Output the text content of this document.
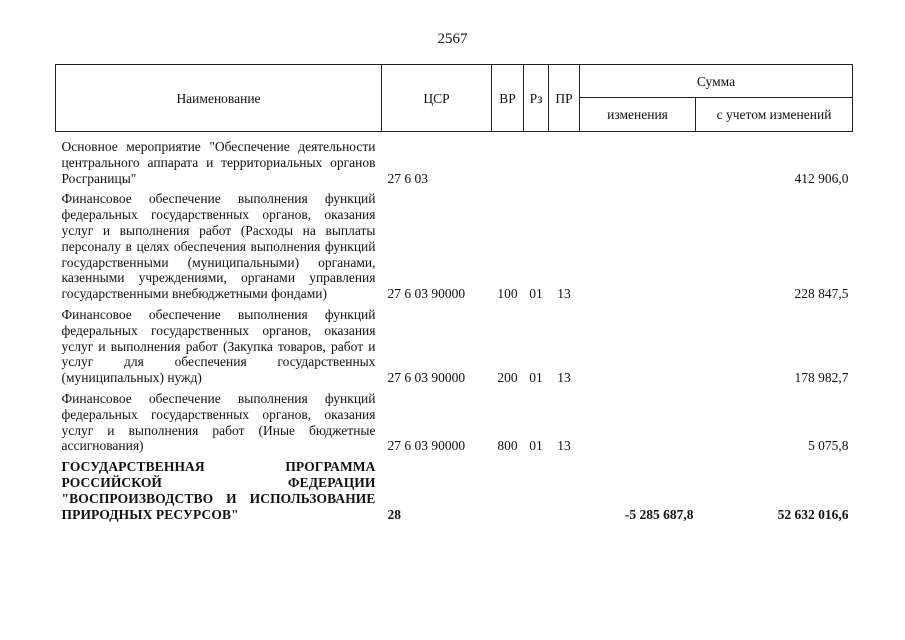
2567
Наименование	ЦСР	ВР	Рз	ПР	Сумма	
					изменения	с учетом изменений

Основное мероприятие "Обеспечение деятельности центрального аппарата и территориальных органов Росграницы"	27 6 03					412 906,0

Финансовое обеспечение выполнения функций федеральных государственных органов, оказания услуг и выполнения работ (Расходы на выплаты персоналу в целях обеспечения выполнения функций государственными (муниципальными) органами, казенными учреждениями, органами управления государственными внебюджетными фондами)	27 6 03 90000	100	01	13		228 847,5

Финансовое обеспечение выполнения функций федеральных государственных органов, оказания услуг и выполнения работ (Закупка товаров, работ и услуг для обеспечения государственных (муниципальных) нужд)	27 6 03 90000	200	01	13		178 982,7

Финансовое обеспечение выполнения функций федеральных государственных органов, оказания услуг и выполнения работ (Иные бюджетные ассигнования)	27 6 03 90000	800	01	13		5 075,8

ГОСУДАРСТВЕННАЯ ПРОГРАММА РОССИЙСКОЙ ФЕДЕРАЦИИ "ВОСПРОИЗВОДСТВО И ИСПОЛЬЗОВАНИЕ ПРИРОДНЫХ РЕСУРСОВ"	28				-5 285 687,8	52 632 016,6
